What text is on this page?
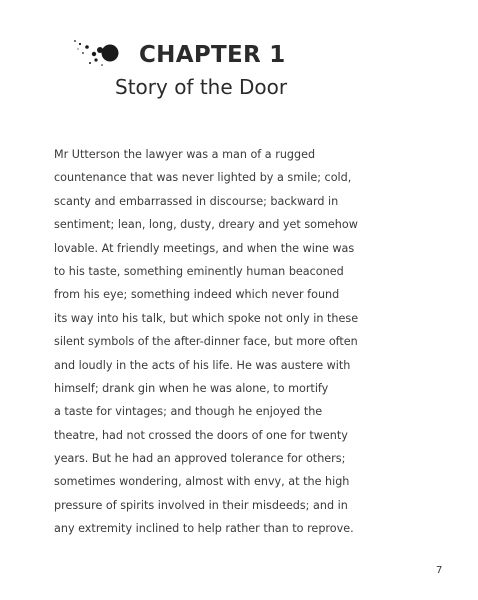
CHAPTER 1
Story of the Door
Mr Utterson the lawyer was a man of a rugged
countenance that was never lighted by a smile; cold,
scanty and embarrassed in discourse; backward in
sentiment; lean, long, dusty, dreary and yet somehow
lovable. At friendly meetings, and when the wine was
to his taste, something eminently human beaconed
from his eye; something indeed which never found
its way into his talk, but which spoke not only in these
silent symbols of the after-dinner face, but more often
and loudly in the acts of his life. He was austere with
himself; drank gin when he was alone, to mortify
a taste for vintages; and though he enjoyed the
theatre, had not crossed the doors of one for twenty
years. But he had an approved tolerance for others;
sometimes wondering, almost with envy, at the high
pressure of spirits involved in their misdeeds; and in
any extremity inclined to help rather than to reprove.
7
